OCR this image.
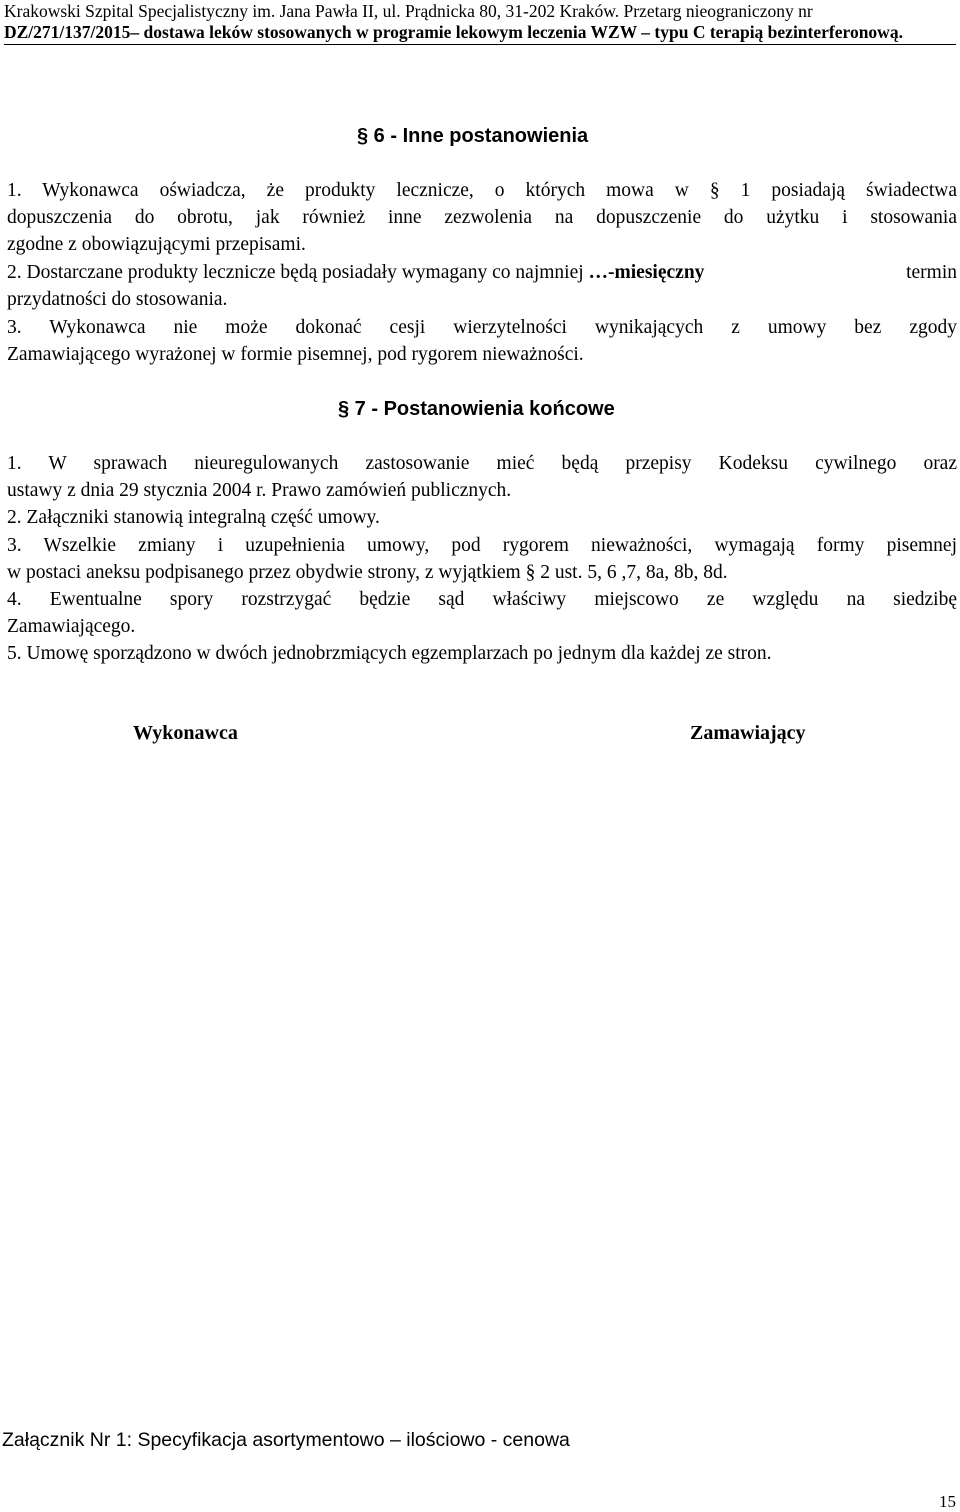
Krakowski Szpital Specjalistyczny im. Jana Pawła II, ul. Prądnicka 80, 31-202 Kraków. Przetarg nieograniczony nr
DZ/271/137/2015– dostawa leków stosowanych w programie lekowym leczenia WZW – typu C terapią bezinterferonową.
§ 6 - Inne postanowienia
1. Wykonawca oświadcza, że produkty lecznicze, o których mowa w § 1 posiadają świadectwa
dopuszczenia do obrotu, jak również inne zezwolenia na dopuszczenie do użytku i stosowania
zgodne z obowiązującymi przepisami.
2. Dostarczane produkty lecznicze będą posiadały wymagany co najmniej …-miesięczny	termin
przydatności do stosowania.
3. Wykonawca nie może dokonać cesji wierzytelności wynikających z umowy bez zgody
Zamawiającego wyrażonej w formie pisemnej, pod rygorem nieważności.
§ 7 - Postanowienia końcowe
1. W sprawach nieuregulowanych zastosowanie mieć będą przepisy Kodeksu cywilnego oraz
ustawy z dnia 29 stycznia 2004 r. Prawo zamówień publicznych.
2. Załączniki stanowią integralną część umowy.
3. Wszelkie zmiany i uzupełnienia umowy, pod rygorem nieważności, wymagają formy pisemnej
w postaci aneksu podpisanego przez obydwie strony, z wyjątkiem § 2 ust. 5, 6 ,7, 8a, 8b, 8d.
4. Ewentualne spory rozstrzygać będzie sąd właściwy miejscowo ze względu na siedzibę
Zamawiającego.
5. Umowę sporządzono w dwóch jednobrzmiących egzemplarzach po jednym dla każdej ze stron.
Wykonawca	Zamawiający
Załącznik Nr 1: Specyfikacja asortymentowo – ilościowo - cenowa
15
